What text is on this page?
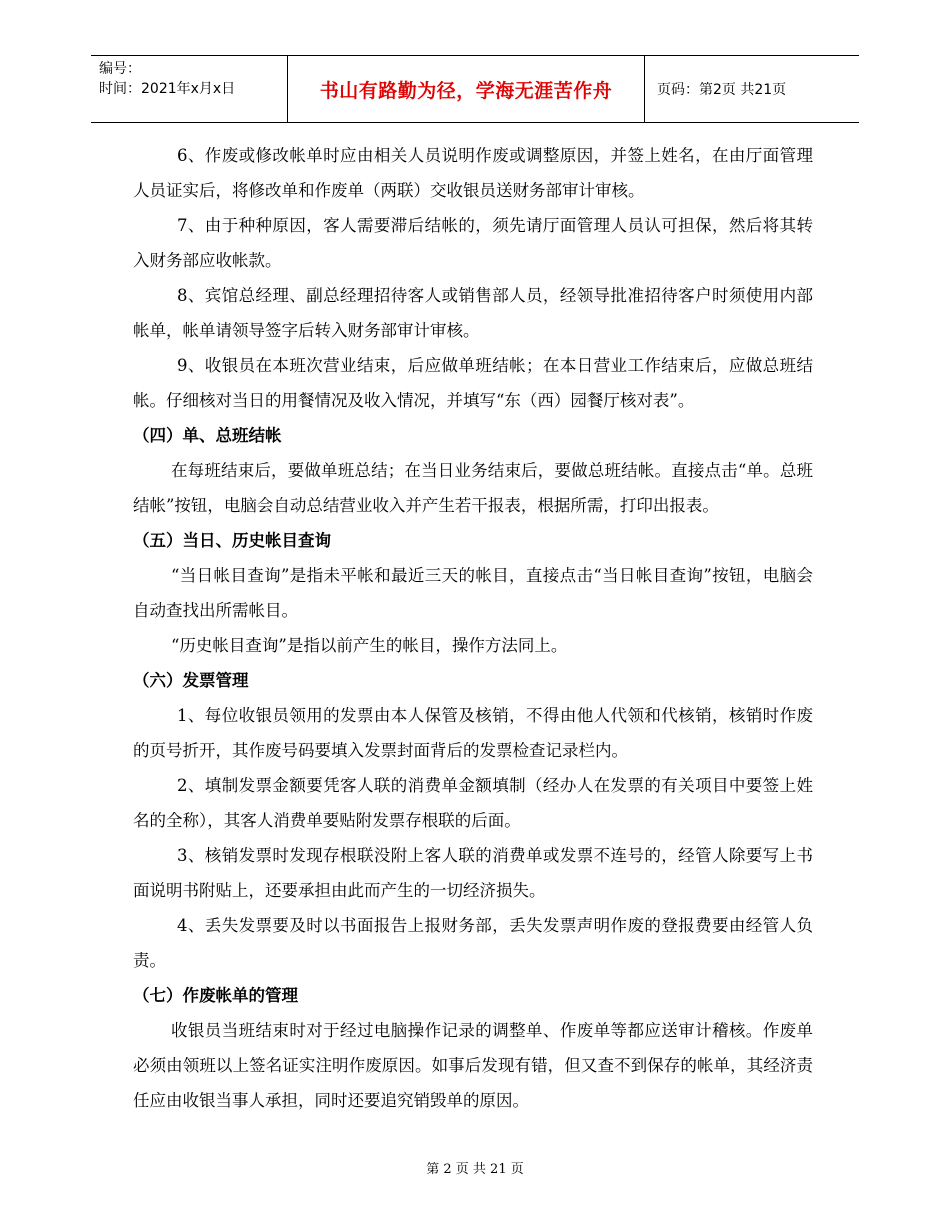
编号：
时间：2021年x月x日	书山有路勤为径，学海无涯苦作舟	页码：第2页 共21页

6、作废或修改帐单时应由相关人员说明作废或调整原因，并签上姓名，在由厅面管理人员证实后，将修改单和作废单（两联）交收银员送财务部审计审核。

7、由于种种原因，客人需要滞后结帐的，须先请厅面管理人员认可担保，然后将其转入财务部应收帐款。

8、宾馆总经理、副总经理招待客人或销售部人员，经领导批准招待客户时须使用内部帐单，帐单请领导签字后转入财务部审计审核。

9、收银员在本班次营业结束，后应做单班结帐；在本日营业工作结束后，应做总班结帐。仔细核对当日的用餐情况及收入情况，并填写“东（西）园餐厅核对表”。

（四）单、总班结帐

在每班结束后，要做单班总结；在当日业务结束后，要做总班结帐。直接点击“单。总班结帐”按钮，电脑会自动总结营业收入并产生若干报表，根据所需，打印出报表。

（五）当日、历史帐目查询

“当日帐目查询”是指未平帐和最近三天的帐目，直接点击“当日帐目查询”按钮，电脑会自动查找出所需帐目。

“历史帐目查询”是指以前产生的帐目，操作方法同上。

（六）发票管理

1、每位收银员领用的发票由本人保管及核销，不得由他人代领和代核销，核销时作废的页号折开，其作废号码要填入发票封面背后的发票检查记录栏内。

2、填制发票金额要凭客人联的消费单金额填制（经办人在发票的有关项目中要签上姓名的全称），其客人消费单要贴附发票存根联的后面。

3、核销发票时发现存根联没附上客人联的消费单或发票不连号的，经管人除要写上书面说明书附贴上，还要承担由此而产生的一切经济损失。

4、丢失发票要及时以书面报告上报财务部，丢失发票声明作废的登报费要由经管人负责。

（七）作废帐单的管理

收银员当班结束时对于经过电脑操作记录的调整单、作废单等都应送审计稽核。作废单必须由领班以上签名证实注明作废原因。如事后发现有错，但又查不到保存的帐单，其经济责任应由收银当事人承担，同时还要追究销毁单的原因。

第 2 页 共 21 页
